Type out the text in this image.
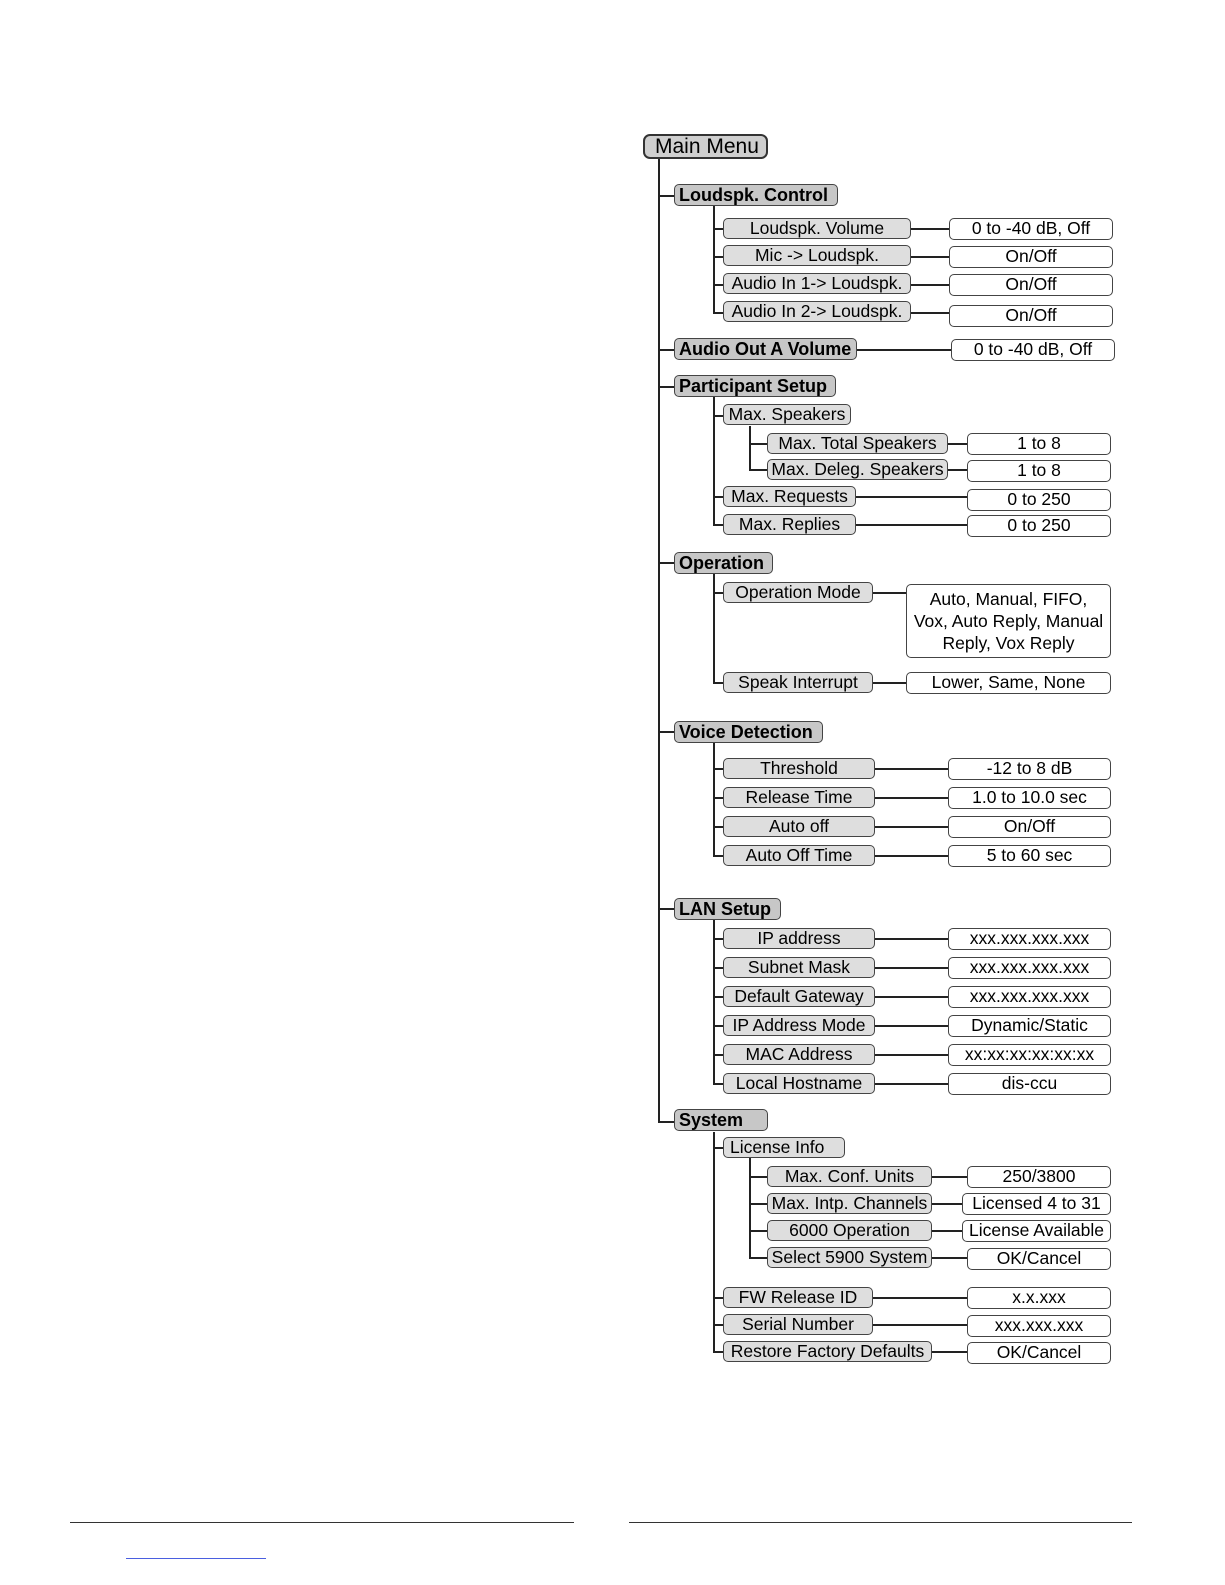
Main Menu
Loudspk. Control
Loudspk. Volume	0 to -40 dB, Off
Mic -> Loudspk.	On/Off
Audio In 1-> Loudspk.	On/Off
Audio In 2-> Loudspk.	On/Off
Audio Out A Volume	0 to -40 dB, Off
Participant Setup
Max. Speakers
Max. Total Speakers	1 to 8
Max. Deleg. Speakers	1 to 8
Max. Requests	0 to 250
Max. Replies	0 to 250
Operation
Operation Mode	Auto, Manual, FIFO,
Vox, Auto Reply, Manual
Reply, Vox Reply
Speak Interrupt	Lower, Same, None
Voice Detection
Threshold	-12 to 8 dB
Release Time	1.0 to 10.0 sec
Auto off	On/Off
Auto Off Time	5 to 60 sec
LAN Setup
IP address	xxx.xxx.xxx.xxx
Subnet Mask	xxx.xxx.xxx.xxx
Default Gateway	xxx.xxx.xxx.xxx
IP Address Mode	Dynamic/Static
MAC Address	xx:xx:xx:xx:xx:xx
Local Hostname	dis-ccu
System
License Info
Max. Conf. Units	250/3800
Max. Intp. Channels	Licensed 4 to 31
6000 Operation	License Available
Select 5900 System	OK/Cancel
FW Release ID	x.x.xxx
Serial Number	xxx.xxx.xxx
Restore Factory Defaults	OK/Cancel
